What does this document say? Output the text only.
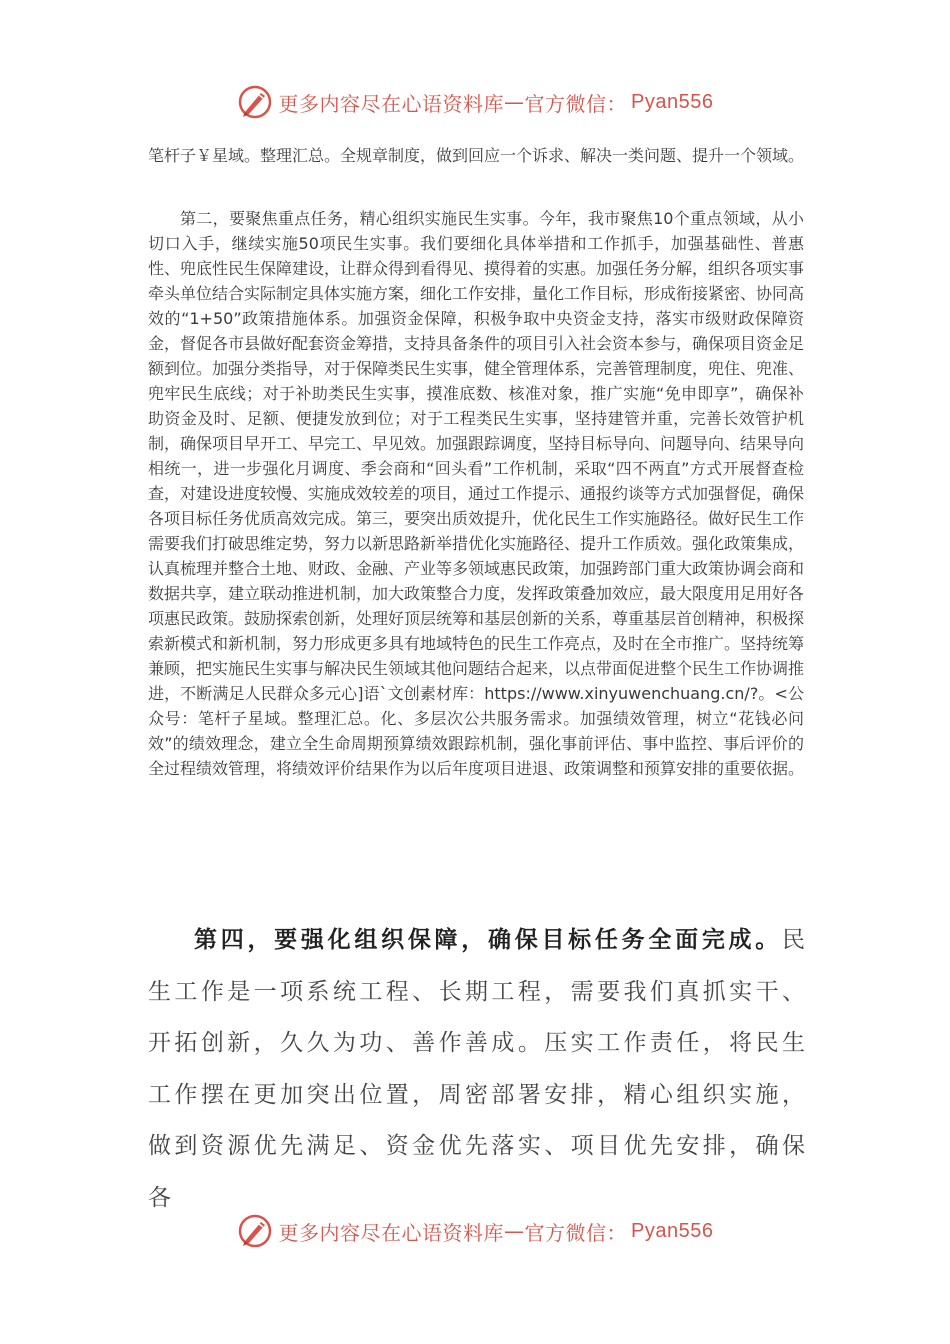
更多内容尽在心语资料库 — 官方微信： Pyan556

笔杆子￥星域。整理汇总。全规章制度，做到回应一个诉求、解决一类问题、提升一个领域。

第二，要聚焦重点任务，精心组织实施民生实事。今年，我市聚焦10个重点领域，从小切口入手，继续实施50项民生实事。我们要细化具体举措和工作抓手，加强基础性、普惠性、兜底性民生保障建设，让群众得到看得见、摸得着的实惠。加强任务分解，组织各项实事牵头单位结合实际制定具体实施方案，细化工作安排，量化工作目标，形成衔接紧密、协同高效的“1+50”政策措施体系。加强资金保障，积极争取中央资金支持，落实市级财政保障资金，督促各市县做好配套资金筹措，支持具备条件的项目引入社会资本参与，确保项目资金足额到位。加强分类指导，对于保障类民生实事，健全管理体系，完善管理制度，兜住、兜准、兜牢民生底线；对于补助类民生实事，摸准底数、核准对象，推广实施“免申即享”，确保补助资金及时、足额、便捷发放到位；对于工程类民生实事，坚持建管并重，完善长效管护机制，确保项目早开工、早完工、早见效。加强跟踪调度，坚持目标导向、问题导向、结果导向相统一，进一步强化月调度、季会商和“回头看”工作机制，采取“四不两直”方式开展督查检查，对建设进度较慢、实施成效较差的项目，通过工作提示、通报约谈等方式加强督促，确保各项目标任务优质高效完成。第三，要突出质效提升，优化民生工作实施路径。做好民生工作需要我们打破思维定势，努力以新思路新举措优化实施路径、提升工作质效。强化政策集成，认真梳理并整合土地、财政、金融、产业等多领域惠民政策，加强跨部门重大政策协调会商和数据共享，建立联动推进机制，加大政策整合力度，发挥政策叠加效应，最大限度用足用好各项惠民政策。鼓励探索创新，处理好顶层统筹和基层创新的关系，尊重基层首创精神，积极探索新模式和新机制，努力形成更多具有地域特色的民生工作亮点，及时在全市推广。坚持统筹兼顾，把实施民生实事与解决民生领域其他问题结合起来，以点带面促进整个民生工作协调推进，不断满足人民群众多元心]语`文创素材库：https://www.xinyuwenchuang.cn/?。<公众号：笔杆子星域。整理汇总。化、多层次公共服务需求。加强绩效管理，树立“花钱必问效”的绩效理念，建立全生命周期预算绩效跟踪机制，强化事前评估、事中监控、事后评价的全过程绩效管理，将绩效评价结果作为以后年度项目进退、政策调整和预算安排的重要依据。

第四，要强化组织保障，确保目标任务全面完成。民生工作是一项系统工程、长期工程，需要我们真抓实干、开拓创新，久久为功、善作善成。压实工作责任，将民生工作摆在更加突出位置，周密部署安排，精心组织实施，做到资源优先满足、资金优先落实、项目优先安排，确保各

更多内容尽在心语资料库 — 官方微信： Pyan556
